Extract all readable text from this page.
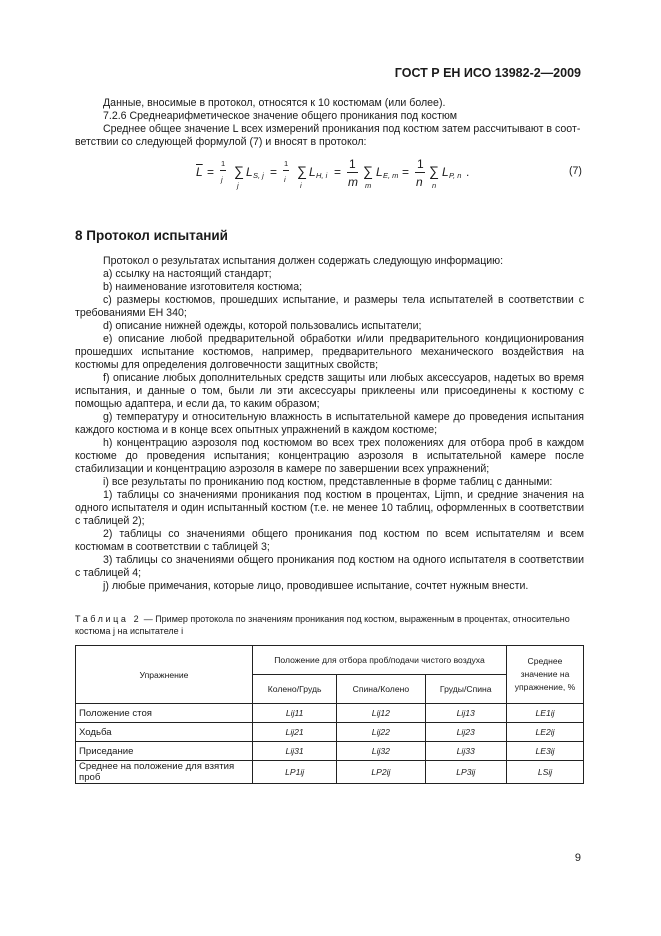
ГОСТ Р ЕН ИСО 13982-2—2009
Данные, вносимые в протокол, относятся к 10 костюмам (или более).
7.2.6 Среднеарифметическое значение общего проникания под костюм
Среднее общее значение L всех измерений проникания под костюм затем рассчитывают в соот-
ветствии со следующей формулой (7) и вносят в протокол:
$\overline{L}$ =
1
j
∑
j
L S, j =
1
i
∑
i
L H, i =
1
m
∑
m
L E, m =
1
n
∑
n
L P, n .	(7)
8 Протокол испытаний
Протокол о результатах испытания должен содержать следующую информацию:
a) ссылку на настоящий стандарт;
b) наименование изготовителя костюма;
c) размеры костюмов, прошедших испытание, и размеры тела испытателей в соответствии с требованиями ЕН 340;
d) описание нижней одежды, которой пользовались испытатели;
e) описание любой предварительной обработки и/или предварительного кондиционирования прошедших испытание костюмов, например, предварительного механического воздействия на костюмы для определения долговечности защитных свойств;
f) описание любых дополнительных средств защиты или любых аксессуаров, надетых во время испытания, и данные о том, были ли эти аксессуары приклеены или присоединены к костюму с помощью адаптера, и если да, то каким образом;
g) температуру и относительную влажность в испытательной камере до проведения испытания каждого костюма и в конце всех опытных упражнений в каждом костюме;
h) концентрацию аэрозоля под костюмом во всех трех положениях для отбора проб в каждом костюме до проведения испытания; концентрацию аэрозоля в испытательной камере после стабилизации и концентрацию аэрозоля в камере по завершении всех упражнений;
i) все результаты по прониканию под костюм, представленные в форме таблиц с данными:
1) таблицы со значениями проникания под костюм в процентах, Lijmn, и средние значения на одного испытателя и один испытанный костюм (т.е. не менее 10 таблиц, оформленных в соответствии с таблицей 2);
2) таблицы со значениями общего проникания под костюм по всем испытателям и всем костюмам в соответствии с таблицей 3;
3) таблицы со значениями общего проникания под костюм на одного испытателя в соответствии с таблицей 4;
j) любые примечания, которые лицо, проводившее испытание, сочтет нужным внести.
Таблица 2 — Пример протокола по значениям проникания под костюм, выраженным в процентах, относительно костюма j на испытателе i
Упражнение	Положение для отбора проб/подачи чистого воздуха			Среднее значение на упражнение, %
	Колено/Грудь	Спина/Колено	Груды/Спина	
Положение стоя	Lij11	Lij12	Lij13	LE1ij
Ходьба	Lij21	Lij22	Lij23	LE2ij
Приседание	Lij31	Lij32	Lij33	LE3ij
Среднее на положение для взятия проб	LP1ij	LP2ij	LP3ij	LSij
9
